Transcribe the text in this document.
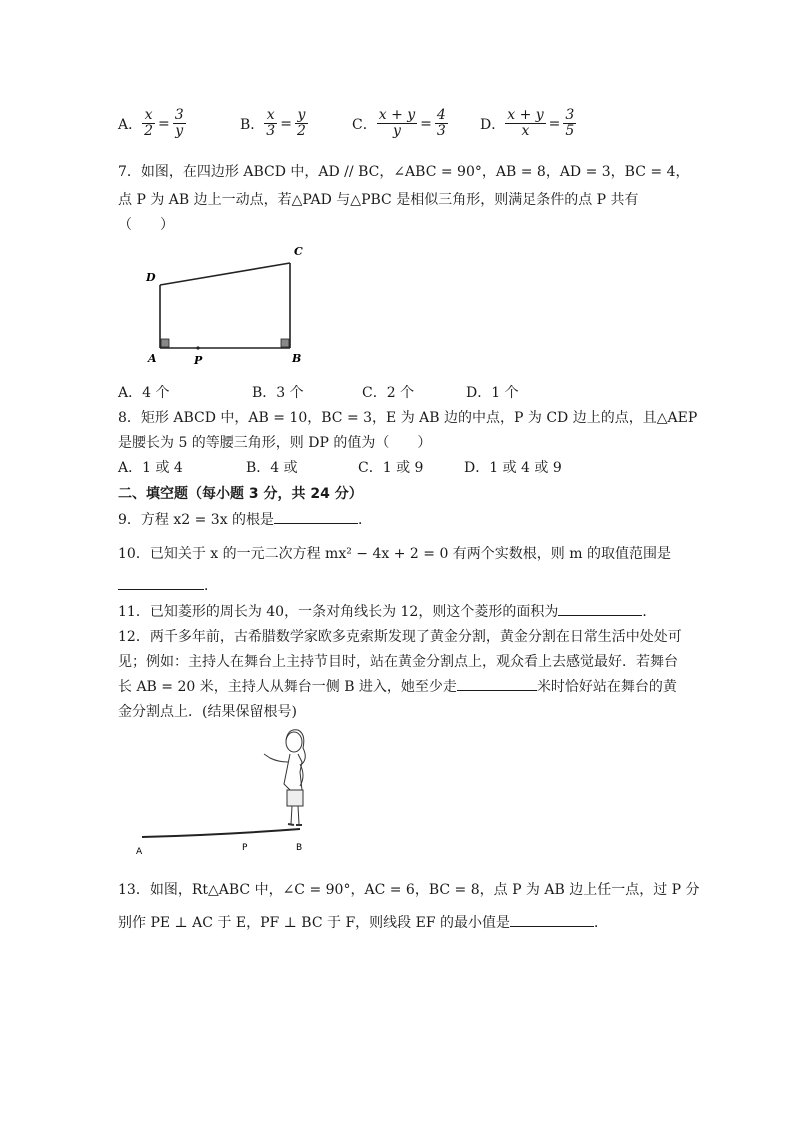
A． $\frac{x}{2} = \frac{3}{y}$	B． $\frac{x}{3} = \frac{y}{2}$	C． $\frac{x + y}{y} = \frac{4}{3}$ D． $\frac{x + y}{x} = \frac{3}{5}$
7．如图，在四边形 ABCD 中，AD // BC，∠ABC = 90°，AB = 8，AD = 3，BC = 4，
点 P 为 AB 边上一动点，若△PAD 与△PBC 是相似三角形，则满足条件的点 P 共有
（　　）
A	P	B
D
C
A．4 个	B．3 个	C．2 个	D．1 个
8．矩形 ABCD 中，AB = 10，BC = 3，E 为 AB 边的中点，P 为 CD 边上的点，且△AEP
是腰长为 5 的等腰三角形，则 DP 的值为（　　）
A．1 或 4	B．4 或	C．1 或 9	D．1 或 4 或 9
二、填空题（每小题 3 分，共 24 分）
9．方程 x2 = 3x 的根是	．
10．已知关于 x 的一元二次方程 mx² − 4x + 2 = 0 有两个实数根，则 m 的取值范围是
．
11．已知菱形的周长为 40，一条对角线长为 12，则这个菱形的面积为	．
12．两千多年前，古希腊数学家欧多克索斯发现了黄金分割，黄金分割在日常生活中处处可
见；例如：主持人在舞台上主持节目时，站在黄金分割点上，观众看上去感觉最好．若舞台
长 AB = 20 米，主持人从舞台一侧 B 进入，她至少走	米时恰好站在舞台的黄
金分割点上．(结果保留根号)
A	P	B
13．如图，Rt△ABC 中，∠C = 90°，AC = 6，BC = 8，点 P 为 AB 边上任一点，过 P 分
别作 PE ⊥ AC 于 E，PF ⊥ BC 于 F，则线段 EF 的最小值是	．
